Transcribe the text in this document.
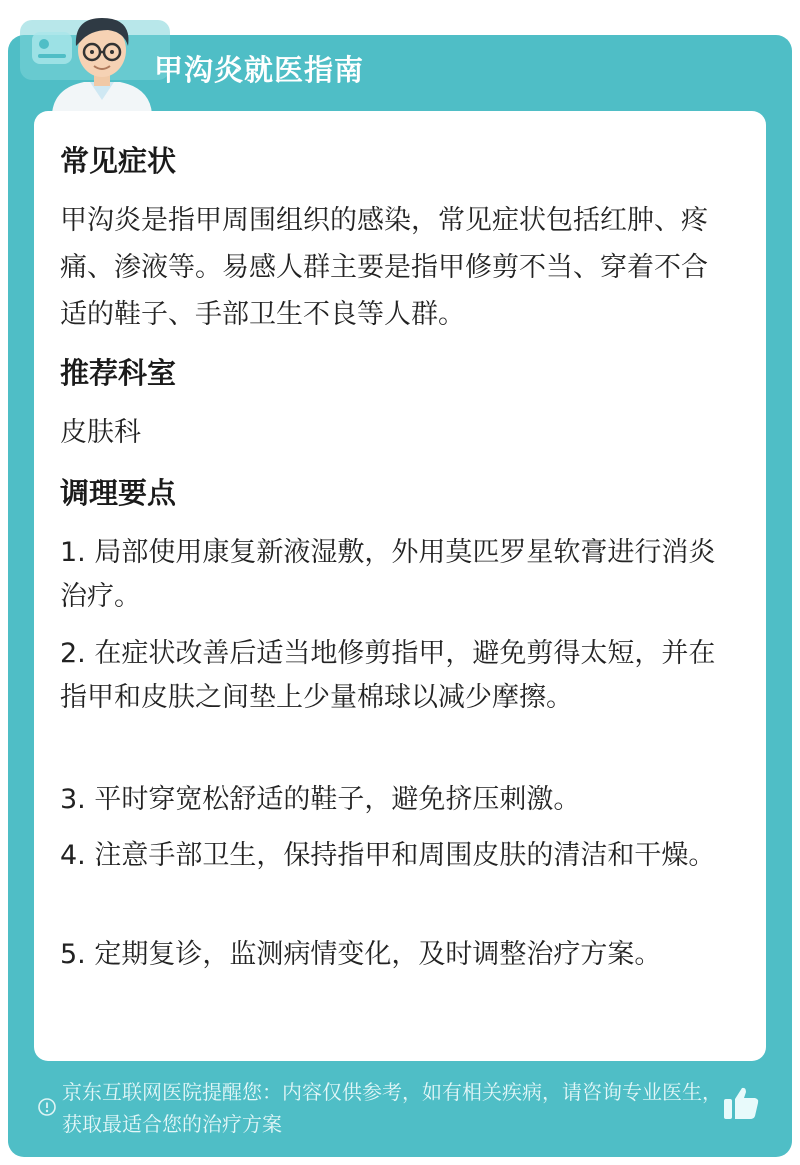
甲沟炎就医指南
常见症状
甲沟炎是指甲周围组织的感染，常见症状包括红肿、疼痛、渗液等。易感人群主要是指甲修剪不当、穿着不合适的鞋子、手部卫生不良等人群。
推荐科室
皮肤科
调理要点
1. 局部使用康复新液湿敷，外用莫匹罗星软膏进行消炎治疗。
2. 在症状改善后适当地修剪指甲，避免剪得太短，并在指甲和皮肤之间垫上少量棉球以减少摩擦。
3. 平时穿宽松舒适的鞋子，避免挤压刺激。
4. 注意手部卫生，保持指甲和周围皮肤的清洁和干燥。
5. 定期复诊，监测病情变化，及时调整治疗方案。
京东互联网医院提醒您：内容仅供参考，如有相关疾病，请咨询专业医生，获取最适合您的治疗方案
